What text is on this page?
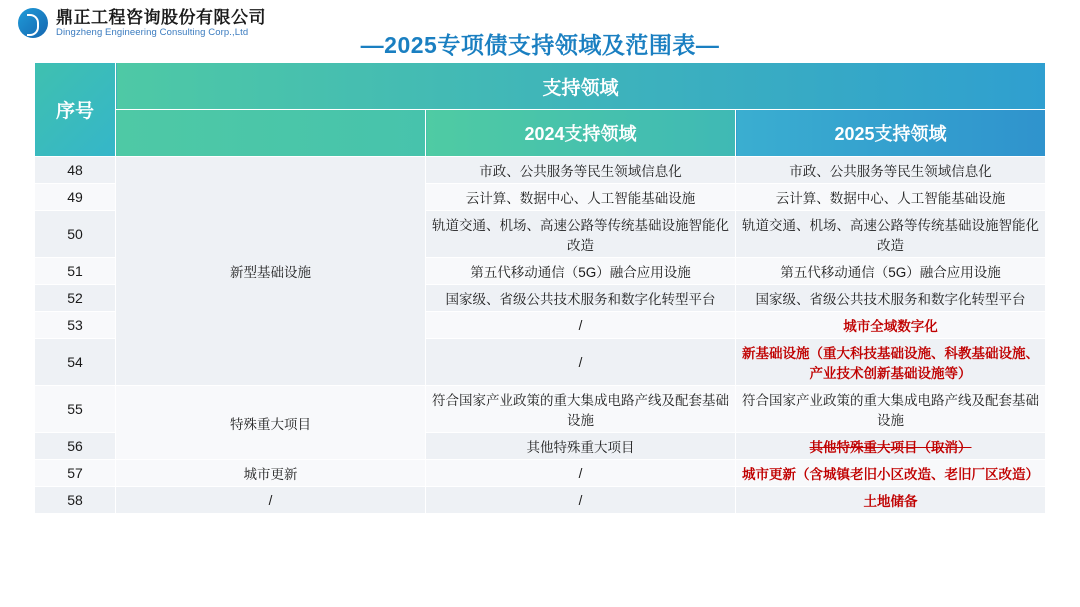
鼎正工程咨询股份有限公司
Dingzheng Engineering Consulting Corp.,Ltd	—2025专项债支持领域及范围表—
序号	支持领域		
		2024支持领域	2025支持领域
48	新型基础设施	市政、公共服务等民生领域信息化	市政、公共服务等民生领域信息化
49		云计算、数据中心、人工智能基础设施	云计算、数据中心、人工智能基础设施
50		轨道交通、机场、高速公路等传统基础设施智能化改造	轨道交通、机场、高速公路等传统基础设施智能化改造
51		第五代移动通信（5G）融合应用设施	第五代移动通信（5G）融合应用设施
52		国家级、省级公共技术服务和数字化转型平台	国家级、省级公共技术服务和数字化转型平台
53		/	城市全域数字化
54		/	新基础设施（重大科技基础设施、科教基础设施、产业技术创新基础设施等）
55	特殊重大项目	符合国家产业政策的重大集成电路产线及配套基础设施	符合国家产业政策的重大集成电路产线及配套基础设施
56		其他特殊重大项目	其他特殊重大项目（取消）
57	城市更新	/	城市更新（含城镇老旧小区改造、老旧厂区改造）
58	/	/	土地储备
